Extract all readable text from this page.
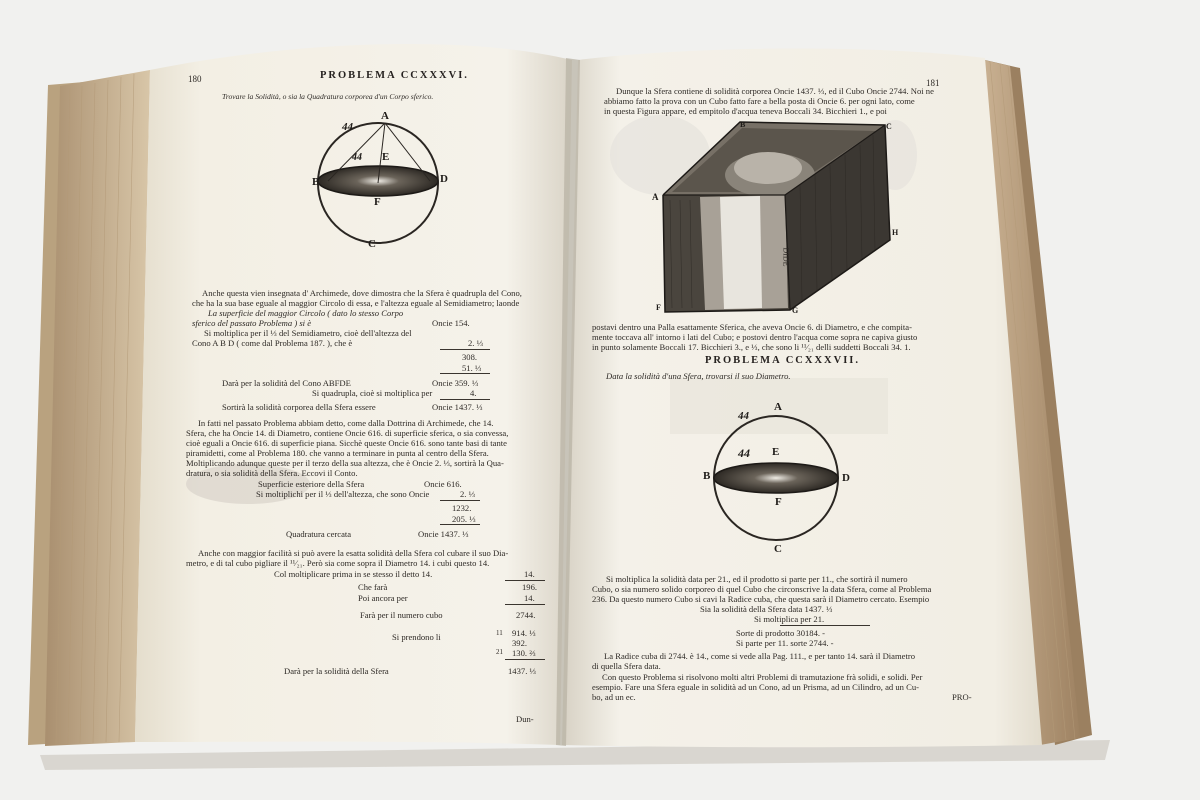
180	PROBLEMA CCXXXVI.
Trovare la Solidità, o sia la Quadratura corporea d'un Corpo sferico.
44
A
44 E
B	D
F
C
Anche questa vien insegnata d' Archimede, dove dimostra che la Sfera è quadrupla del Cono,
che ha la sua base eguale al maggior Circolo di essa, e l'altezza eguale al Semidiametro; laonde
La superficie del maggior Circolo ( dato lo stesso Corpo
sferico del passato Problema ) si è	Oncie 154.
Si moltiplica per il ⅓ del Semidiametro, cioè dell'altezza del
Cono A B D ( come dal Problema 187. ), che è	2. ⅓
308.
51. ⅓
Darà per la solidità del Cono ABFDE	Oncie 359. ⅓
Si quadrupla, cioè si moltiplica per	4.
Sortirà la solidità corporea della Sfera essere	Oncie 1437. ⅓
In fatti nel passato Problema abbiam detto, come dalla Dottrina di Archimede, che 14.
Sfera, che ha Oncie 14. di Diametro, contiene Oncie 616. di superficie sferica, o sia convessa,
cioè eguali a Oncie 616. di superficie piana. Sicchè queste Oncie 616. sono tante basi di tante
piramidetti, come al Problema 180. che vanno a terminare in punta al centro della Sfera.
Moltiplicando adunque queste per il terzo della sua altezza, che è Oncie 2. ⅓, sortirà la Qua-
dratura, o sia solidità della Sfera. Eccovi il Conto.
Superficie esteriore della Sfera	Oncie 616.
Si moltiplichi per il ⅓ dell'altezza, che sono Oncie	2. ⅓
1232.
205. ⅓
Quadratura cercata	Oncie 1437. ⅓
Anche con maggior facilità si può avere la esatta solidità della Sfera col cubare il suo Dia-
metro, e di tal cubo pigliare il ¹¹⁄₂₁. Però sia come sopra il Diametro 14. i cubi questo 14.
Col moltiplicare prima in se stesso il detto 14.	14.
Che farà	196.
Poi ancora per	14.
Farà per il numero cubo	2744.
Si prendono li	11 914. ⅓
392.
21 130. ⅔
Darà per la solidità della Sfera	1437. ⅓
Dun-
181
Dunque la Sfera contiene di solidità corporea Oncie 1437. ⅓, ed il Cubo Oncie 2744. Noi ne
abbiamo fatto la prova con un Cubo fatto fare a bella posta di Oncie 6. per ogni lato, come
in questa Figura appare, ed empitolo d'acqua teneva Boccali 34. Bicchieri 1., e poi
B	C
A
H
F	G
DIDE
postavi dentro una Palla esattamente Sferica, che aveva Oncie 6. di Diametro, e che compita-
mente toccava all' intorno i lati del Cubo; e postovi dentro l'acqua come sopra ne capiva giusto
in punto solamente Boccali 17. Bicchieri 3., e ⅓, che sono li ¹¹⁄₂₁ delli suddetti Boccali 34. 1.
PROBLEMA CCXXXVII.
Data la solidità d'una Sfera, trovarsi il suo Diametro.
44
A
44 E
B	D
F
C
Si moltiplica la solidità data per 21., ed il prodotto si parte per 11., che sortirà il numero
Cubo, o sia numero solido corporeo di quel Cubo che circonscrive la data Sfera, come al Problema
236. Da questo numero Cubo si cavi la Radice cuba, che questa sarà il Diametro cercato. Esempio
Sia la solidità della Sfera data 1437. ⅓
Si moltiplica per 21.
Sorte di prodotto 30184. -
Si parte per 11. sorte 2744. -
La Radice cuba di 2744. è 14., come si vede alla Pag. 111., e per tanto 14. sarà il Diametro
di quella Sfera data.
Con questo Problema si risolvono molti altri Problemi di tramutazione frà solidi, e solidi. Per
esempio. Fare una Sfera eguale in solidità ad un Cono, ad un Prisma, ad un Cilindro, ad un Cu-
bo, ad un ec.	PRO-
